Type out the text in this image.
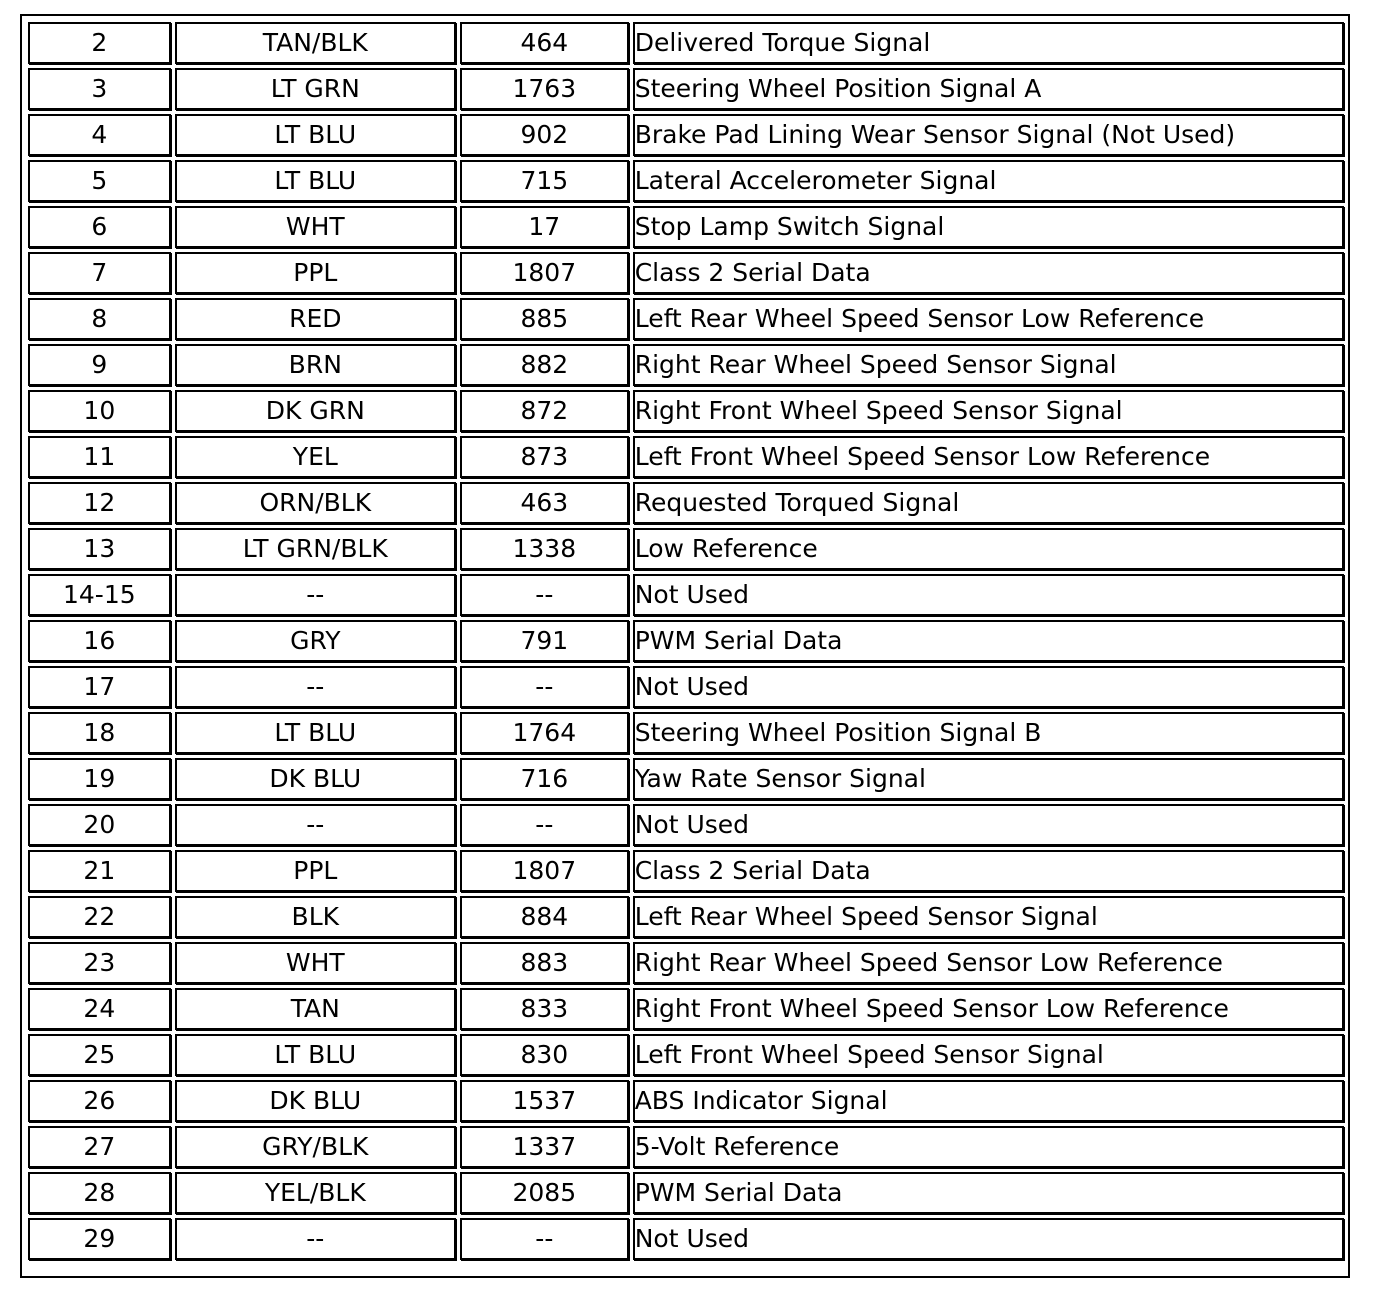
2	TAN/BLK	464	Delivered Torque Signal
3	LT GRN	1763	Steering Wheel Position Signal A
4	LT BLU	902	Brake Pad Lining Wear Sensor Signal (Not Used)
5	LT BLU	715	Lateral Accelerometer Signal
6	WHT	17	Stop Lamp Switch Signal
7	PPL	1807	Class 2 Serial Data
8	RED	885	Left Rear Wheel Speed Sensor Low Reference
9	BRN	882	Right Rear Wheel Speed Sensor Signal
10	DK GRN	872	Right Front Wheel Speed Sensor Signal
11	YEL	873	Left Front Wheel Speed Sensor Low Reference
12	ORN/BLK	463	Requested Torqued Signal
13	LT GRN/BLK	1338	Low Reference
14-15	--	--	Not Used
16	GRY	791	PWM Serial Data
17	--	--	Not Used
18	LT BLU	1764	Steering Wheel Position Signal B
19	DK BLU	716	Yaw Rate Sensor Signal
20	--	--	Not Used
21	PPL	1807	Class 2 Serial Data
22	BLK	884	Left Rear Wheel Speed Sensor Signal
23	WHT	883	Right Rear Wheel Speed Sensor Low Reference
24	TAN	833	Right Front Wheel Speed Sensor Low Reference
25	LT BLU	830	Left Front Wheel Speed Sensor Signal
26	DK BLU	1537	ABS Indicator Signal
27	GRY/BLK	1337	5-Volt Reference
28	YEL/BLK	2085	PWM Serial Data
29	--	--	Not Used
